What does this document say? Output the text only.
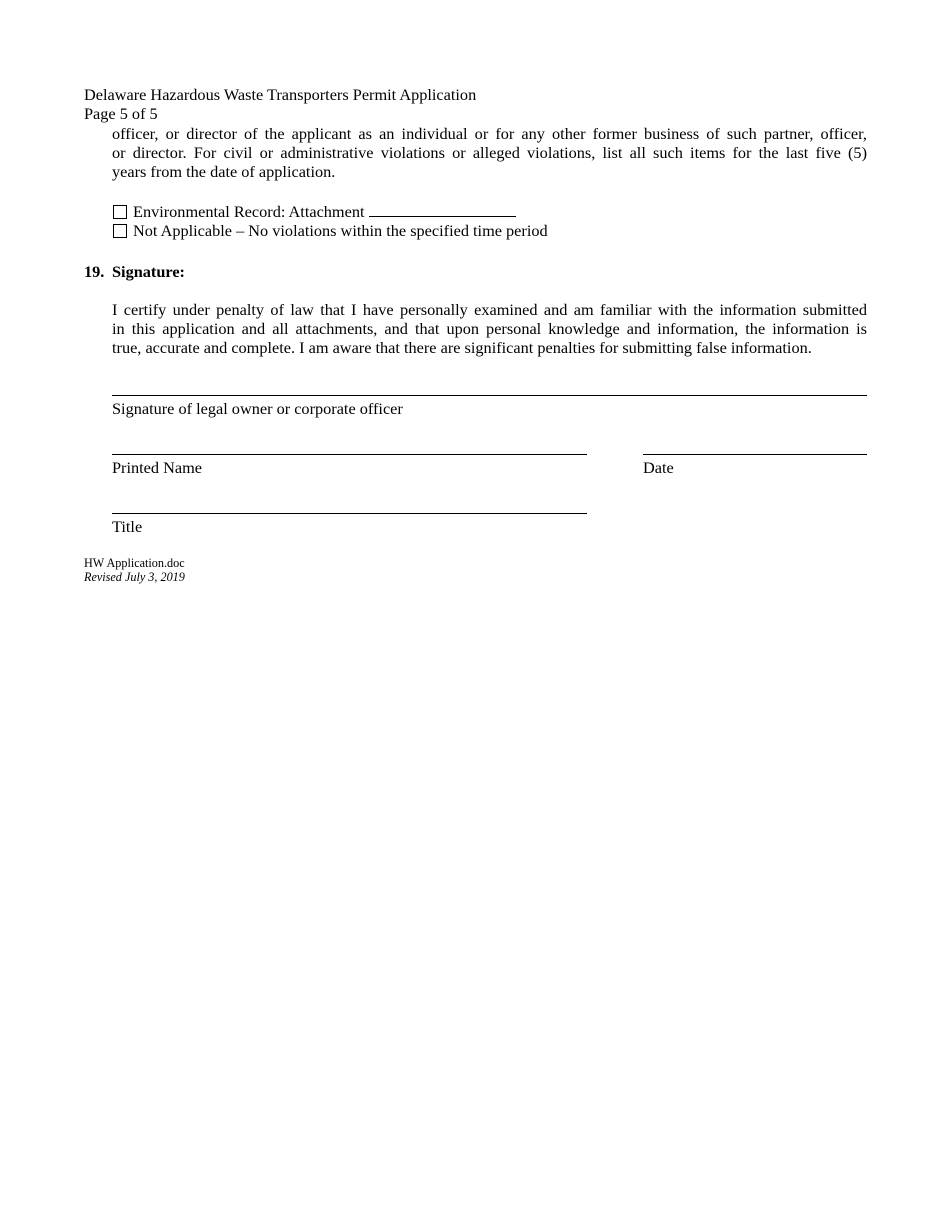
Delaware Hazardous Waste Transporters Permit Application
Page 5 of 5
officer, or director of the applicant as an individual or for any other former business of such partner, officer,
or director. For civil or administrative violations or alleged violations, list all such items for the last five (5)
years from the date of application.
Environmental Record: Attachment
Not Applicable – No violations within the specified time period
19. Signature:
I certify under penalty of law that I have personally examined and am familiar with the information submitted
in this application and all attachments, and that upon personal knowledge and information, the information is
true, accurate and complete. I am aware that there are significant penalties for submitting false information.
Signature of legal owner or corporate officer
Printed Name	Date
Title
HW Application.doc
Revised July 3, 2019
